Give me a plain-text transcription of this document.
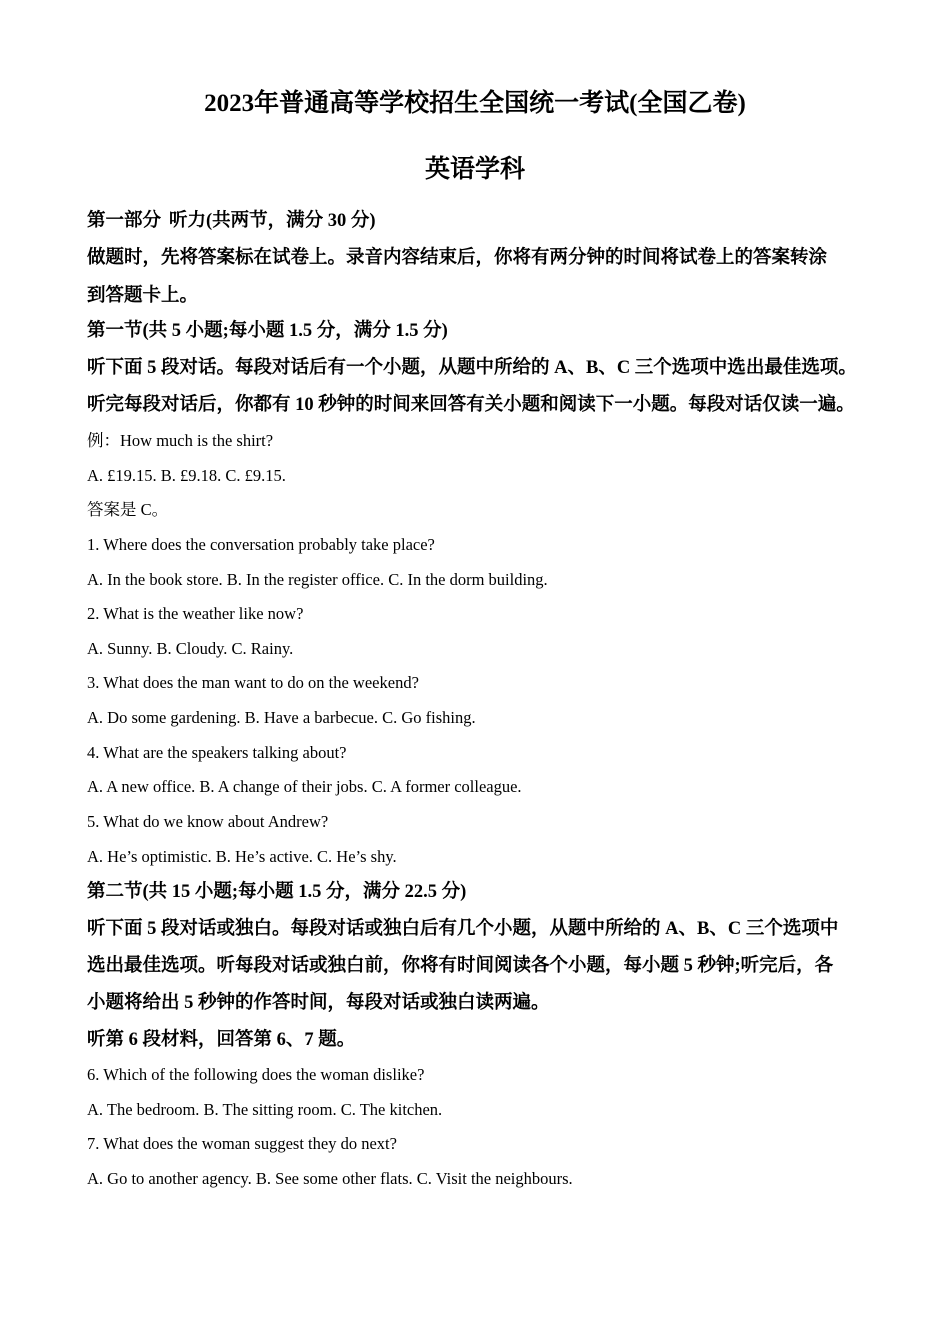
2023年普通高等学校招生全国统一考试(全国乙卷)
英语学科
第一部分 听力(共两节，满分 30 分)
做题时，先将答案标在试卷上。录音内容结束后，你将有两分钟的时间将试卷上的答案转涂
到答题卡上。
第一节(共 5 小题;每小题 1.5 分，满分 1.5 分)
听下面 5 段对话。每段对话后有一个小题，从题中所给的 A、B、C 三个选项中选出最佳选项。
听完每段对话后，你都有 10 秒钟的时间来回答有关小题和阅读下一小题。每段对话仅读一遍。
例：How much is the shirt?
A. £19.15. B. £9.18. C. £9.15.
答案是 C。
1. Where does the conversation probably take place?
A. In the book store. B. In the register office. C. In the dorm building.
2. What is the weather like now?
A. Sunny. B. Cloudy. C. Rainy.
3. What does the man want to do on the weekend?
A. Do some gardening. B. Have a barbecue. C. Go fishing.
4. What are the speakers talking about?
A. A new office. B. A change of their jobs. C. A former colleague.
5. What do we know about Andrew?
A. He’s optimistic. B. He’s active. C. He’s shy.
第二节(共 15 小题;每小题 1.5 分，满分 22.5 分)
听下面 5 段对话或独白。每段对话或独白后有几个小题，从题中所给的 A、B、C 三个选项中
选出最佳选项。听每段对话或独白前，你将有时间阅读各个小题，每小题 5 秒钟;听完后，各
小题将给出 5 秒钟的作答时间，每段对话或独白读两遍。
听第 6 段材料，回答第 6、7 题。
6. Which of the following does the woman dislike?
A. The bedroom. B. The sitting room. C. The kitchen.
7. What does the woman suggest they do next?
A. Go to another agency. B. See some other flats. C. Visit the neighbours.
